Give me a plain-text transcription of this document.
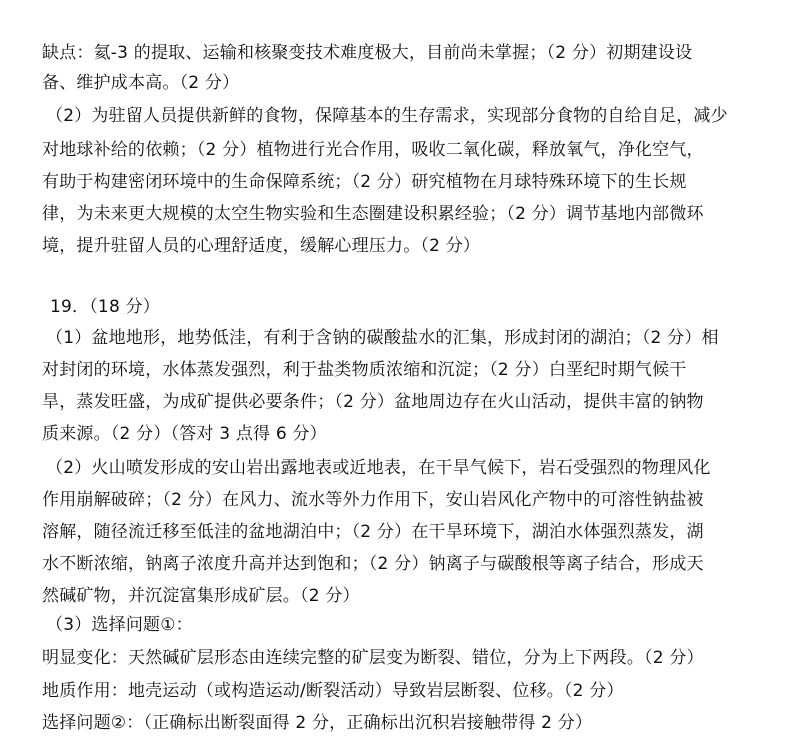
缺点：氦-3 的提取、运输和核聚变技术难度极大，目前尚未掌握；（2 分）初期建设设
备、维护成本高。（2 分）
（2）为驻留人员提供新鲜的食物，保障基本的生存需求，实现部分食物的自给自足，减少
对地球补给的依赖；（2 分）植物进行光合作用，吸收二氧化碳，释放氧气，净化空气，
有助于构建密闭环境中的生命保障系统；（2 分）研究植物在月球特殊环境下的生长规
律，为未来更大规模的太空生物实验和生态圈建设积累经验；（2 分）调节基地内部微环
境，提升驻留人员的心理舒适度，缓解心理压力。（2 分）
19．（18 分）
（1）盆地地形，地势低洼，有利于含钠的碳酸盐水的汇集，形成封闭的湖泊；（2 分）相
对封闭的环境，水体蒸发强烈，利于盐类物质浓缩和沉淀；（2 分）白垩纪时期气候干
旱，蒸发旺盛，为成矿提供必要条件；（2 分）盆地周边存在火山活动，提供丰富的钠物
质来源。（2 分）（答对 3 点得 6 分）
（2）火山喷发形成的安山岩出露地表或近地表，在干旱气候下，岩石受强烈的物理风化
作用崩解破碎；（2 分）在风力、流水等外力作用下，安山岩风化产物中的可溶性钠盐被
溶解，随径流迁移至低洼的盆地湖泊中；（2 分）在干旱环境下，湖泊水体强烈蒸发，湖
水不断浓缩，钠离子浓度升高并达到饱和；（2 分）钠离子与碳酸根等离子结合，形成天
然碱矿物，并沉淀富集形成矿层。（2 分）
（3）选择问题①：
明显变化：天然碱矿层形态由连续完整的矿层变为断裂、错位，分为上下两段。（2 分）
地质作用：地壳运动（或构造运动/断裂活动）导致岩层断裂、位移。（2 分）
选择问题②：（正确标出断裂面得 2 分，正确标出沉积岩接触带得 2 分）
